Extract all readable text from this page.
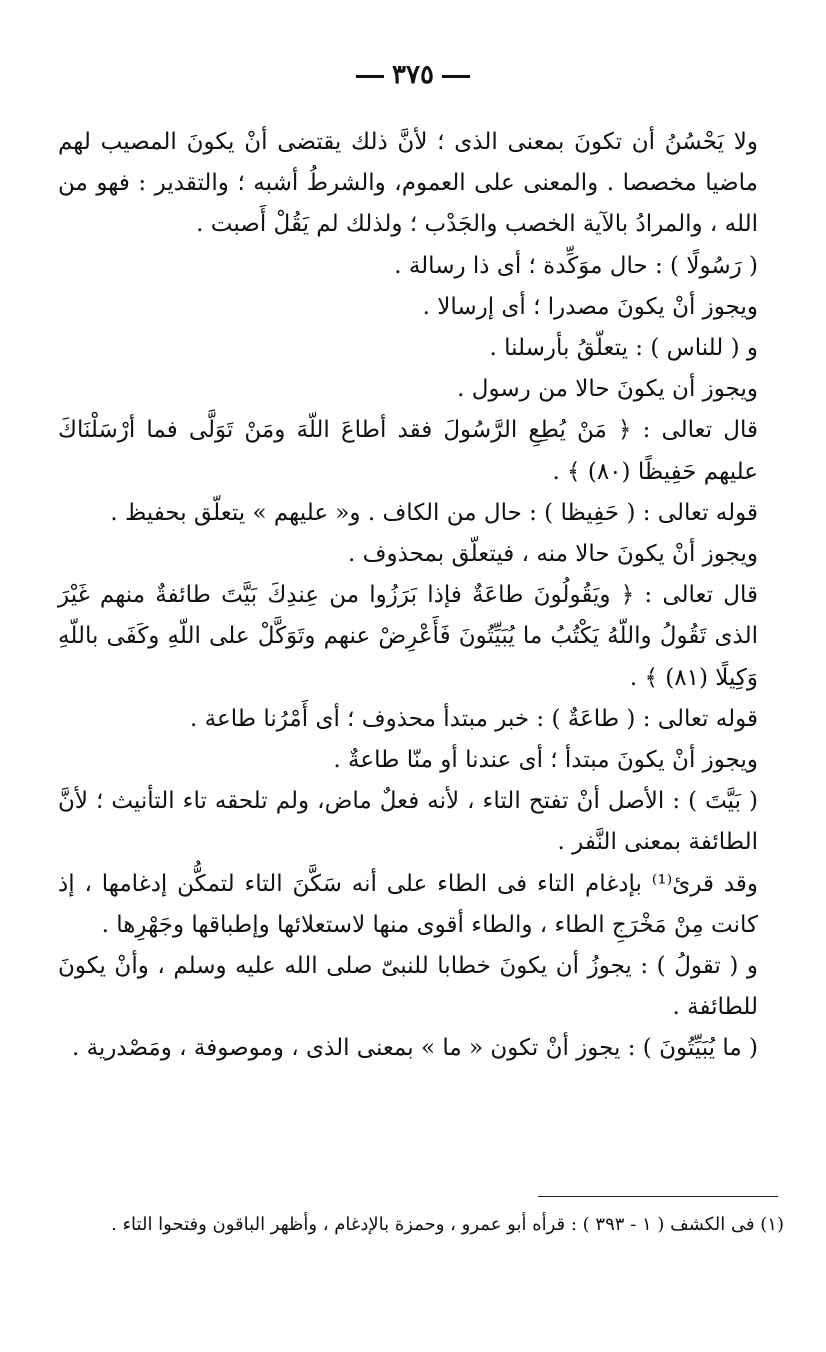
٣٧٥

ولا يَحْسُنُ أن تكونَ بمعنى الذى ؛ لأنَّ ذلك يقتضى أنْ يكونَ المصيب لهم ماضيا مخصصا . والمعنى على العموم، والشرطُ أشبه ؛ والتقدير : فهو من الله ، والمرادُ بالآية الخصب والجَدْب ؛ ولذلك لم يَقُلْ أَصبت .

( رَسُولًا ) : حال موَكِّدة ؛ أى ذا رسالة .

ويجوز أنْ يكونَ مصدرا ؛ أى إرسالا .

و ( للناس ) : يتعلّقُ بأرسلنا .

ويجوز أن يكونَ حالا من رسول .

قال تعالى : ﴿ مَنْ يُطِعِ الرَّسُولَ فقد أطاعَ اللّهَ ومَنْ تَوَلَّى فما أرْسَلْنَاكَ عليهم حَفِيظًا (٨٠) ﴾ .

قوله تعالى : ( حَفِيظا ) : حال من الكاف . و« عليهم » يتعلّق بحفيظ .

ويجوز أنْ يكونَ حالا منه ، فيتعلّق بمحذوف .

قال تعالى : ﴿ ويَقُولُونَ طاعَةٌ فإذا بَرَزُوا من عِندِكَ بَيَّتَ طائفةٌ منهم غَيْرَ الذى تَقُولُ واللّهُ يَكْتُبُ ما يُبَيِّتُونَ فَأَعْرِضْ عنهم وتَوَكَّلْ على اللّهِ وكَفَى باللّهِ وَكِيلًا (٨١) ﴾ .

قوله تعالى : ( طاعَةٌ ) : خبر مبتدأ محذوف ؛ أى أَمْرُنا طاعة .

ويجوز أنْ يكونَ مبتدأ ؛ أى عندنا أو منّا طاعةٌ .

( بَيَّتَ ) : الأصل أنْ تفتح التاء ، لأنه فعلٌ ماض، ولم تلحقه تاء التأنيث ؛ لأنَّ الطائفة بمعنى النَّفر .

وقد قرئ⁽¹⁾ بإدغام التاء فى الطاء على أنه سَكَّنَ التاء لتمكُّن إدغامها ، إذ كانت مِنْ مَخْرَجِ الطاء ، والطاء أقوى منها لاستعلائها وإطباقها وجَهْرِها .

و ( تقولُ ) : يجوزُ أن يكونَ خطابا للنبىّ صلى الله عليه وسلم ، وأنْ يكونَ للطائفة .

( ما يُبَيِّتُونَ ) : يجوز أنْ تكون « ما » بمعنى الذى ، وموصوفة ، ومَصْدرية .

(١) فى الكشف ( ١ - ٣٩٣ ) : قرأه أبو عمرو ، وحمزة بالإدغام ، وأظهر الباقون وفتحوا التاء .
